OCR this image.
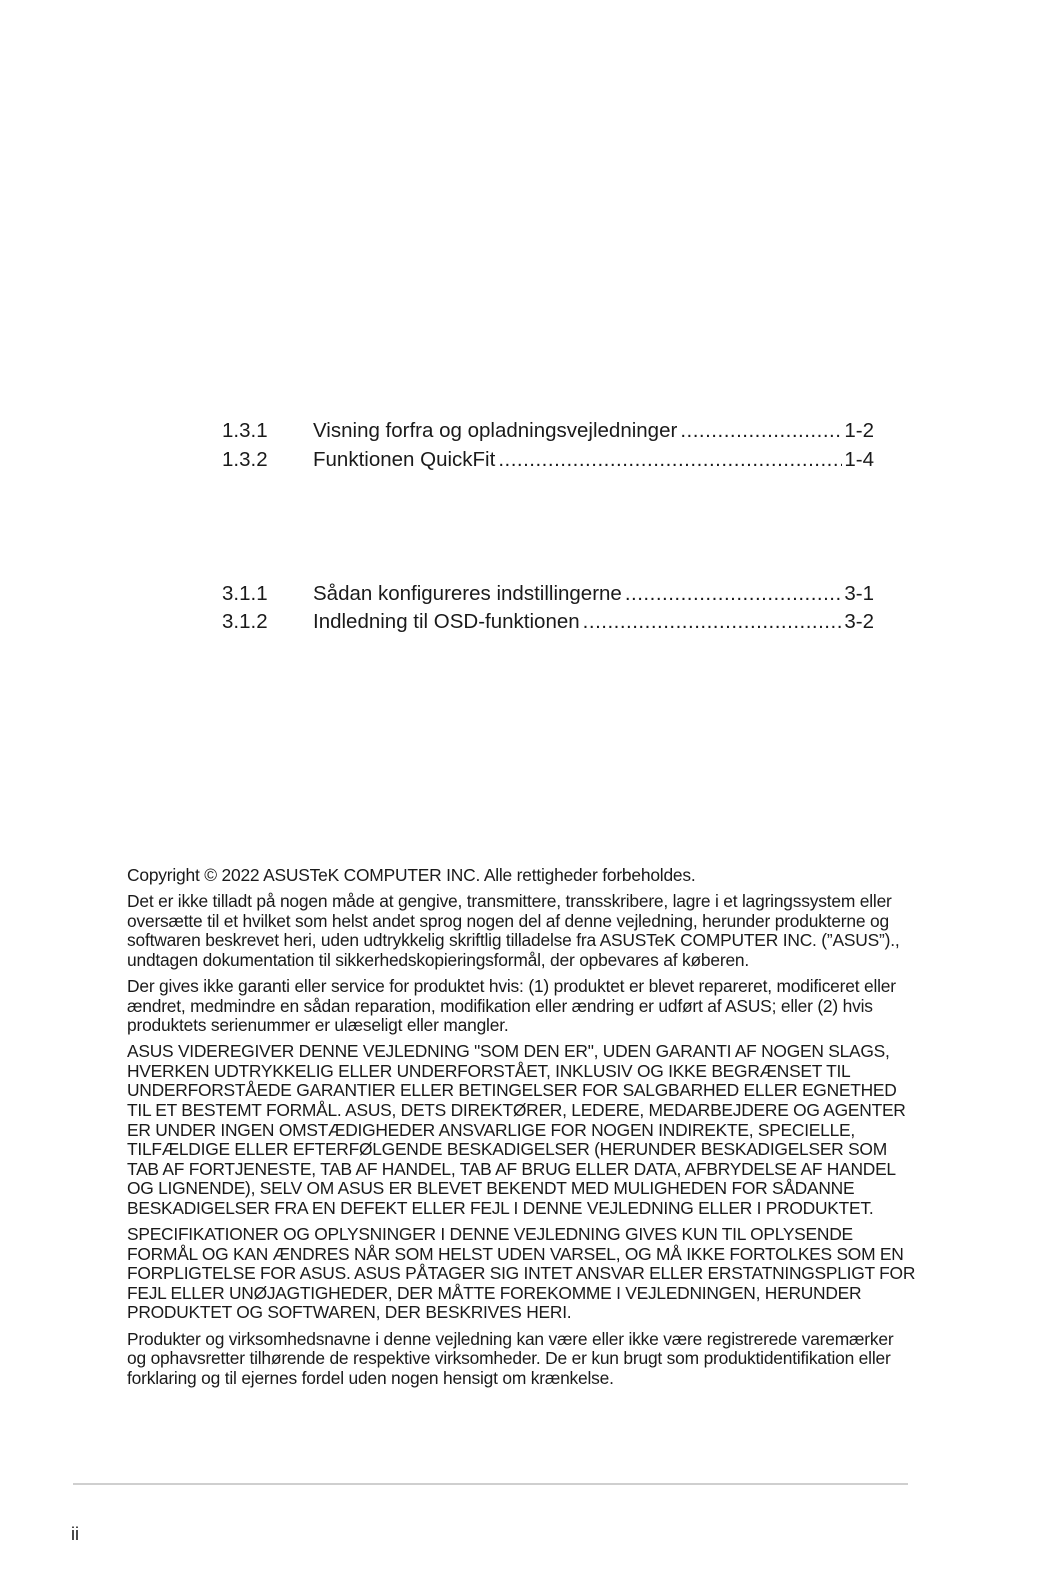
1.3.1	Visning forfra og opladningsvejledninger .....	1-2
1.3.2	Funktionen QuickFit .....	1-4
3.1.1	Sådan konfigureres indstillingerne .....	3-1
3.1.2	Indledning til OSD-funktionen .....	3-2

Copyright © 2022 ASUSTeK COMPUTER INC. Alle rettigheder forbeholdes.

Det er ikke tilladt på nogen måde at gengive, transmittere, transskribere, lagre i et lagringssystem eller oversætte til et hvilket som helst andet sprog nogen del af denne vejledning, herunder produkterne og softwaren beskrevet heri, uden udtrykkelig skriftlig tilladelse fra ASUSTeK COMPUTER INC. (”ASUS”)., undtagen dokumentation til sikkerhedskopieringsformål, der opbevares af køberen.

Der gives ikke garanti eller service for produktet hvis: (1) produktet er blevet repareret, modificeret eller ændret, medmindre en sådan reparation, modifikation eller ændring er udført af ASUS; eller (2) hvis produktets serienummer er ulæseligt eller mangler.

ASUS VIDEREGIVER DENNE VEJLEDNING "SOM DEN ER", UDEN GARANTI AF NOGEN SLAGS, HVERKEN UDTRYKKELIG ELLER UNDERFORSTÅET, INKLUSIV OG IKKE BEGRÆNSET TIL UNDERFORSTÅEDE GARANTIER ELLER BETINGELSER FOR SALGBARHED ELLER EGNETHED TIL ET BESTEMT FORMÅL. ASUS, DETS DIREKTØRER, LEDERE, MEDARBEJDERE OG AGENTER ER UNDER INGEN OMSTÆDIGHEDER ANSVARLIGE FOR NOGEN INDIREKTE, SPECIELLE, TILFÆLDIGE ELLER EFTERFØLGENDE BESKADIGELSER (HERUNDER BESKADIGELSER SOM TAB AF FORTJENESTE, TAB AF HANDEL, TAB AF BRUG ELLER DATA, AFBRYDELSE AF HANDEL OG LIGNENDE), SELV OM ASUS ER BLEVET BEKENDT MED MULIGHEDEN FOR SÅDANNE BESKADIGELSER FRA EN DEFEKT ELLER FEJL I DENNE VEJLEDNING ELLER I PRODUKTET.

SPECIFIKATIONER OG OPLYSNINGER I DENNE VEJLEDNING GIVES KUN TIL OPLYSENDE FORMÅL OG KAN ÆNDRES NÅR SOM HELST UDEN VARSEL, OG MÅ IKKE FORTOLKES SOM EN FORPLIGTELSE FOR ASUS. ASUS PÅTAGER SIG INTET ANSVAR ELLER ERSTATNINGSPLIGT FOR FEJL ELLER UNØJAGTIGHEDER, DER MÅTTE FOREKOMME I VEJLEDNINGEN, HERUNDER PRODUKTET OG SOFTWAREN, DER BESKRIVES HERI.

Produkter og virksomhedsnavne i denne vejledning kan være eller ikke være registrerede varemærker og ophavsretter tilhørende de respektive virksomheder. De er kun brugt som produktidentifikation eller forklaring og til ejernes fordel uden nogen hensigt om krænkelse.

ii
